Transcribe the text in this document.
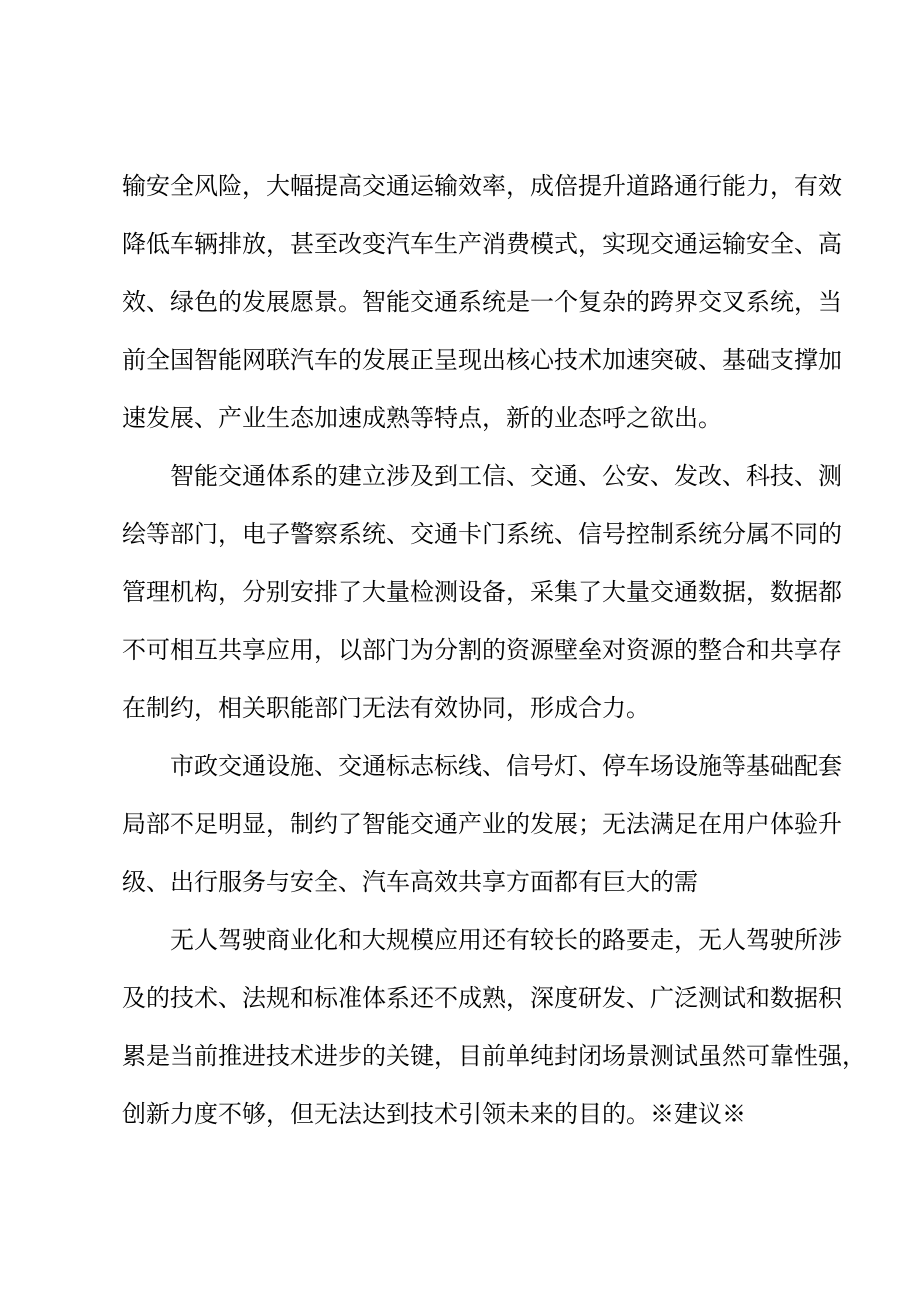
输安全风险，大幅提高交通运输效率，成倍提升道路通行能力，有效
降低车辆排放，甚至改变汽车生产消费模式，实现交通运输安全、高
效、绿色的发展愿景。智能交通系统是一个复杂的跨界交叉系统，当
前全国智能网联汽车的发展正呈现出核心技术加速突破、基础支撑加
速发展、产业生态加速成熟等特点，新的业态呼之欲出。
智能交通体系的建立涉及到工信、交通、公安、发改、科技、测
绘等部门，电子警察系统、交通卡门系统、信号控制系统分属不同的
管理机构，分别安排了大量检测设备，采集了大量交通数据，数据都
不可相互共享应用，以部门为分割的资源壁垒对资源的整合和共享存
在制约，相关职能部门无法有效协同，形成合力。
市政交通设施、交通标志标线、信号灯、停车场设施等基础配套
局部不足明显，制约了智能交通产业的发展；无法满足在用户体验升
级、出行服务与安全、汽车高效共享方面都有巨大的需
无人驾驶商业化和大规模应用还有较长的路要走，无人驾驶所涉
及的技术、法规和标准体系还不成熟，深度研发、广泛测试和数据积
累是当前推进技术进步的关键，目前单纯封闭场景测试虽然可靠性强，
创新力度不够，但无法达到技术引领未来的目的。※建议※
